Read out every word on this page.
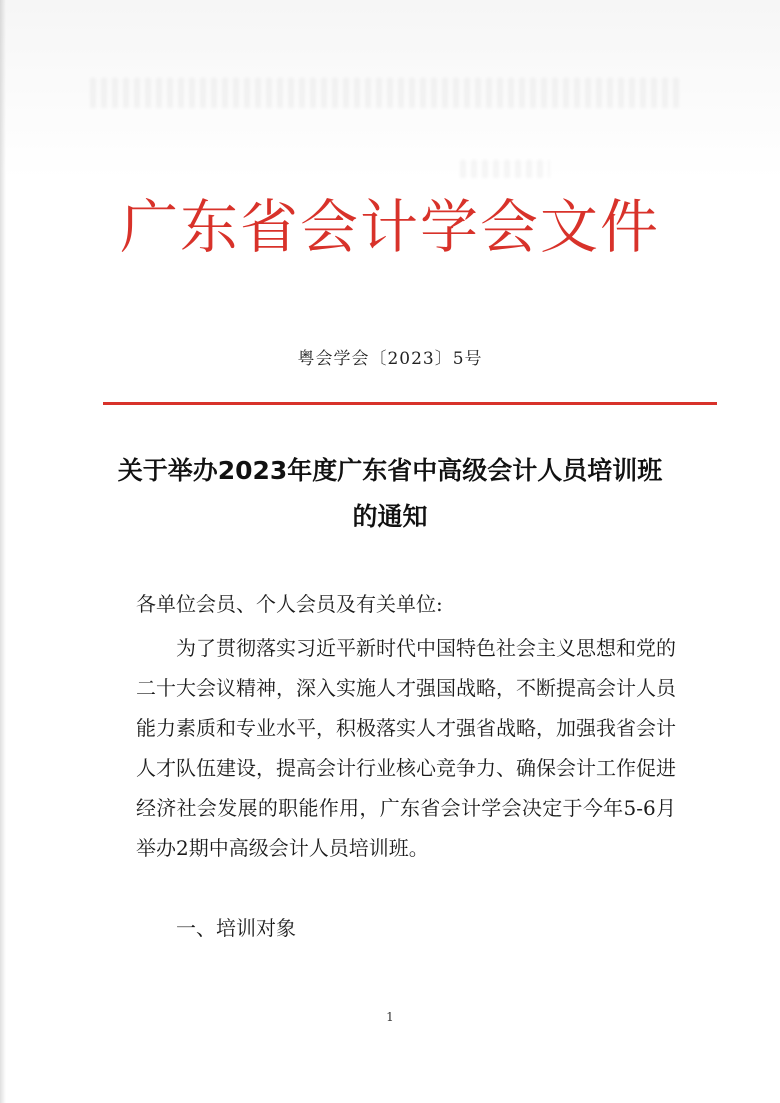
广东省会计学会文件
粤会学会〔2023〕5号
关于举办2023年度广东省中高级会计人员培训班的通知
各单位会员、个人会员及有关单位:
为了贯彻落实习近平新时代中国特色社会主义思想和党的二十大会议精神，深入实施人才强国战略，不断提高会计人员能力素质和专业水平，积极落实人才强省战略，加强我省会计人才队伍建设，提高会计行业核心竞争力、确保会计工作促进经济社会发展的职能作用，广东省会计学会决定于今年5-6月举办2期中高级会计人员培训班。
一、培训对象
1
